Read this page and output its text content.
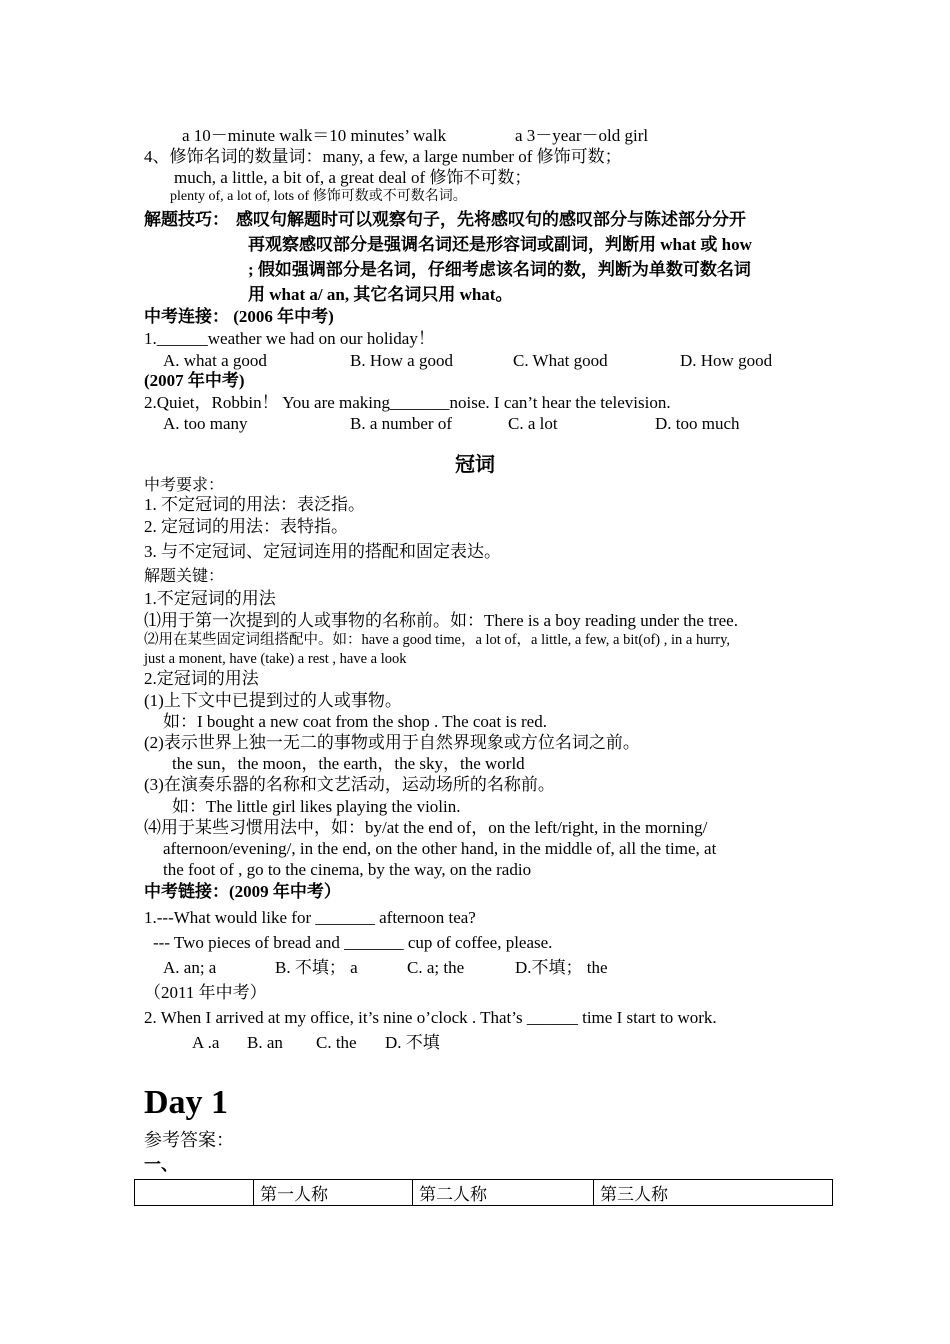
a 10－minute walk＝10 minutes’ walk	a 3－year－old girl
4、修饰名词的数量词：many, a few, a large number of 修饰可数；
much, a little, a bit of, a great deal of 修饰不可数；
plenty of, a lot of, lots of 修饰可数或不可数名词。
解题技巧： 感叹句解题时可以观察句子，先将感叹句的感叹部分与陈述部分分开
再观察感叹部分是强调名词还是形容词或副词，判断用 what 或 how
; 假如强调部分是名词，仔细考虑该名词的数，判断为单数可数名词
用 what a/ an, 其它名词只用 what。
中考连接： (2006 年中考)
1.______weather we had on our holiday！
A. what a good	B. How a good	C. What good	D. How good
(2007 年中考)
2.Quiet，Robbin！ You are making_______noise. I can’t hear the television.
A. too many	B. a number of	C. a lot	D. too much
冠词
中考要求：
1. 不定冠词的用法：表泛指。
2. 定冠词的用法：表特指。
3. 与不定冠词、定冠词连用的搭配和固定表达。
解题关键：
1.不定冠词的用法
⑴用于第一次提到的人或事物的名称前。如：There is a boy reading under the tree.
⑵用在某些固定词组搭配中。如：have a good time，a lot of，a little, a few, a bit(of) , in a hurry,
just a monent, have (take) a rest , have a look
2.定冠词的用法
(1)上下文中已提到过的人或事物。
如：I bought a new coat from the shop . The coat is red.
(2)表示世界上独一无二的事物或用于自然界现象或方位名词之前。
the sun，the moon，the earth，the sky，the world
(3)在演奏乐器的名称和文艺活动，运动场所的名称前。
如：The little girl likes playing the violin.
⑷用于某些习惯用法中，如：by/at the end of，on the left/right, in the morning/
afternoon/evening/, in the end, on the other hand, in the middle of, all the time, at
the foot of , go to the cinema, by the way, on the radio
中考链接：(2009 年中考）
1.---What would like for _______ afternoon tea?
--- Two pieces of bread and _______ cup of coffee, please.
A. an; a	B. 不填； a	C. a; the	D.不填； the
（2011 年中考）
2. When I arrived at my office, it’s nine o’clock . That’s ______ time I start to work.
A .a B. an C. the D. 不填
Day 1
参考答案：
一、
	第一人称	第二人称	第三人称
